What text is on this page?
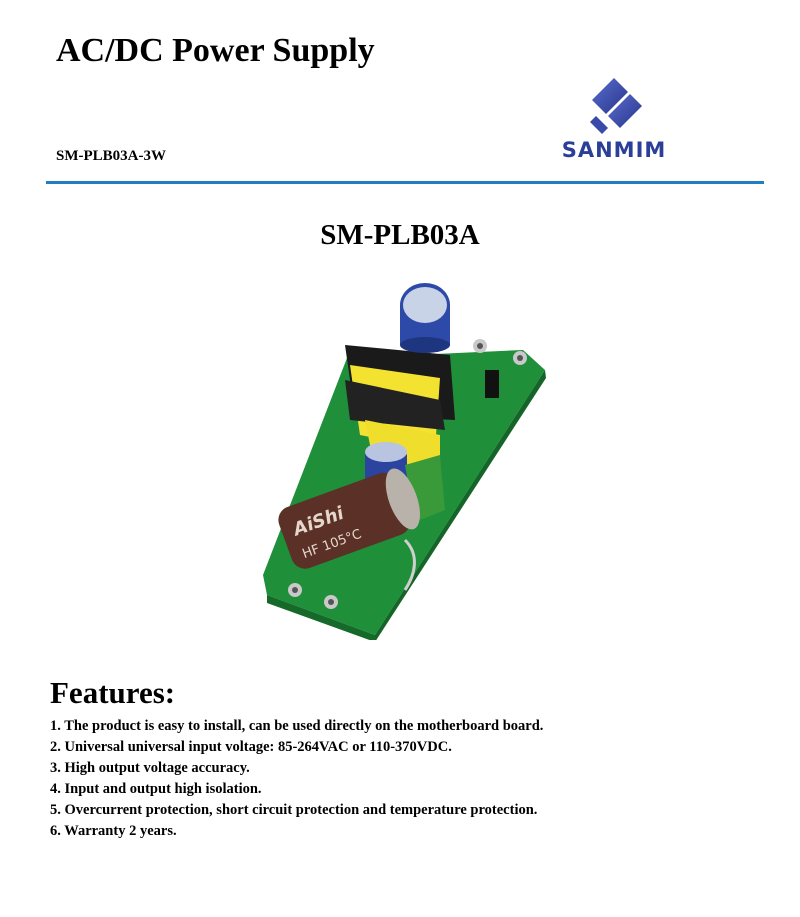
AC/DC Power Supply
SM-PLB03A-3W	SANMIM
SM-PLB03A
AiShi
HF 105°C
Features:
1. The product is easy to install, can be used directly on the motherboard board.
2. Universal universal input voltage: 85-264VAC or 110-370VDC.
3. High output voltage accuracy.
4. Input and output high isolation.
5. Overcurrent protection, short circuit protection and temperature protection.
6. Warranty 2 years.
